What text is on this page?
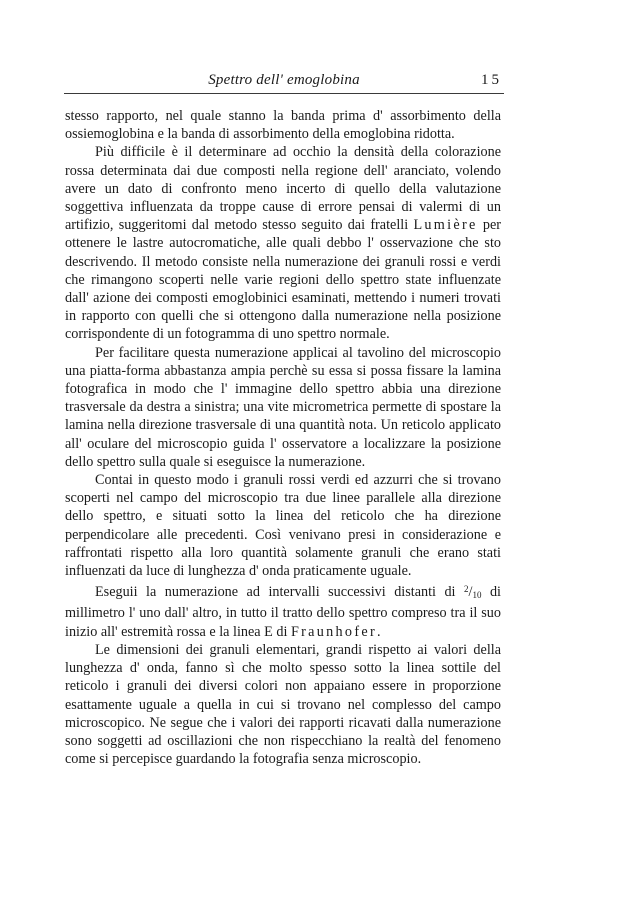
Spettro dell' emoglobina	15

stesso rapporto, nel quale stanno la banda prima d' assorbimento della ossiemoglobina e la banda di assorbimento della emoglobina ridotta.

Più difficile è il determinare ad occhio la densità della colorazione rossa determinata dai due composti nella regione dell' aranciato, volendo avere un dato di confronto meno incerto di quello della valutazione soggettiva influenzata da troppe cause di errore pensai di valermi di un artifizio, suggeritomi dal metodo stesso seguito dai fratelli Lumière per ottenere le lastre autocromatiche, alle quali debbo l' osservazione che sto descrivendo. Il metodo consiste nella numerazione dei granuli rossi e verdi che rimangono scoperti nelle varie regioni dello spettro state influenzate dall' azione dei composti emoglobinici esaminati, mettendo i numeri trovati in rapporto con quelli che si ottengono dalla numerazione nella posizione corrispondente di un fotogramma di uno spettro normale.

Per facilitare questa numerazione applicai al tavolino del microscopio una piatta-forma abbastanza ampia perchè su essa si possa fissare la lamina fotografica in modo che l' immagine dello spettro abbia una direzione trasversale da destra a sinistra; una vite micrometrica permette di spostare la lamina nella direzione trasversale di una quantità nota. Un reticolo applicato all' oculare del microscopio guida l' osservatore a localizzare la posizione dello spettro sulla quale si eseguisce la numerazione.

Contai in questo modo i granuli rossi verdi ed azzurri che si trovano scoperti nel campo del microscopio tra due linee parallele alla direzione dello spettro, e situati sotto la linea del reticolo che ha direzione perpendicolare alle precedenti. Così venivano presi in considerazione e raffrontati rispetto alla loro quantità solamente granuli che erano stati influenzati da luce di lunghezza d' onda praticamente uguale.

Eseguii la numerazione ad intervalli successivi distanti di $^2$/10 di millimetro l' uno dall' altro, in tutto il tratto dello spettro compreso tra il suo inizio all' estremità rossa e la linea E di Fraunhofer.

Le dimensioni dei granuli elementari, grandi rispetto ai valori della lunghezza d' onda, fanno sì che molto spesso sotto la linea sottile del reticolo i granuli dei diversi colori non appaiano essere in proporzione esattamente uguale a quella in cui si trovano nel complesso del campo microscopico. Ne segue che i valori dei rapporti ricavati dalla numerazione sono soggetti ad oscillazioni che non rispecchiano la realtà del fenomeno come si percepisce guardando la fotografia senza microscopio.
